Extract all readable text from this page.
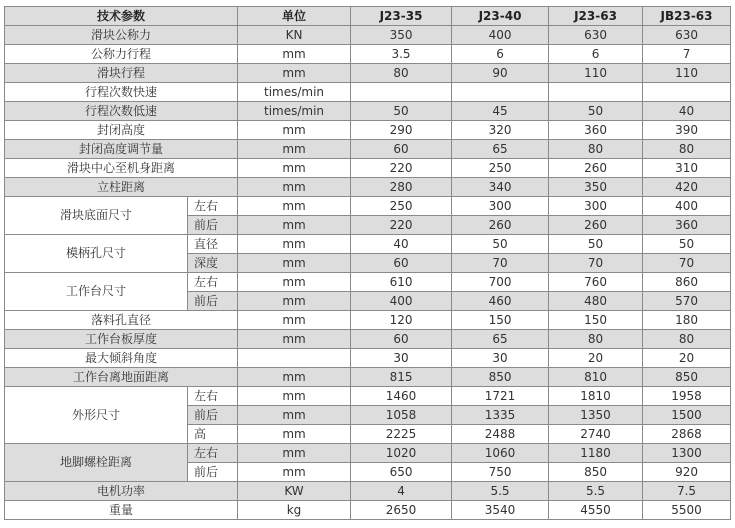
技术参数		单位	J23-35	J23-40	J23-63	JB23-63
滑块公称力		KN	350	400	630	630
公称力行程		mm	3.5	6	6	7
滑块行程		mm	80	90	110	110
行程次数快速		times/min				
行程次数低速		times/min	50	45	50	40
封闭高度		mm	290	320	360	390
封闭高度调节量		mm	60	65	80	80
滑块中心至机身距离		mm	220	250	260	310
立柱距离		mm	280	340	350	420
滑块底面尺寸	左右	mm	250	300	300	400
	前后	mm	220	260	260	360
模柄孔尺寸	直径	mm	40	50	50	50
	深度	mm	60	70	70	70
工作台尺寸	左右	mm	610	700	760	860
	前后	mm	400	460	480	570
落料孔直径		mm	120	150	150	180
工作台板厚度		mm	60	65	80	80
最大倾斜角度			30	30	20	20
工作台离地面距离		mm	815	850	810	850
外形尺寸	左右	mm	1460	1721	1810	1958
	前后	mm	1058	1335	1350	1500
	高	mm	2225	2488	2740	2868
地脚螺栓距离	左右	mm	1020	1060	1180	1300
	前后	mm	650	750	850	920
电机功率		KW	4	5.5	5.5	7.5
重量		kg	2650	3540	4550	5500
